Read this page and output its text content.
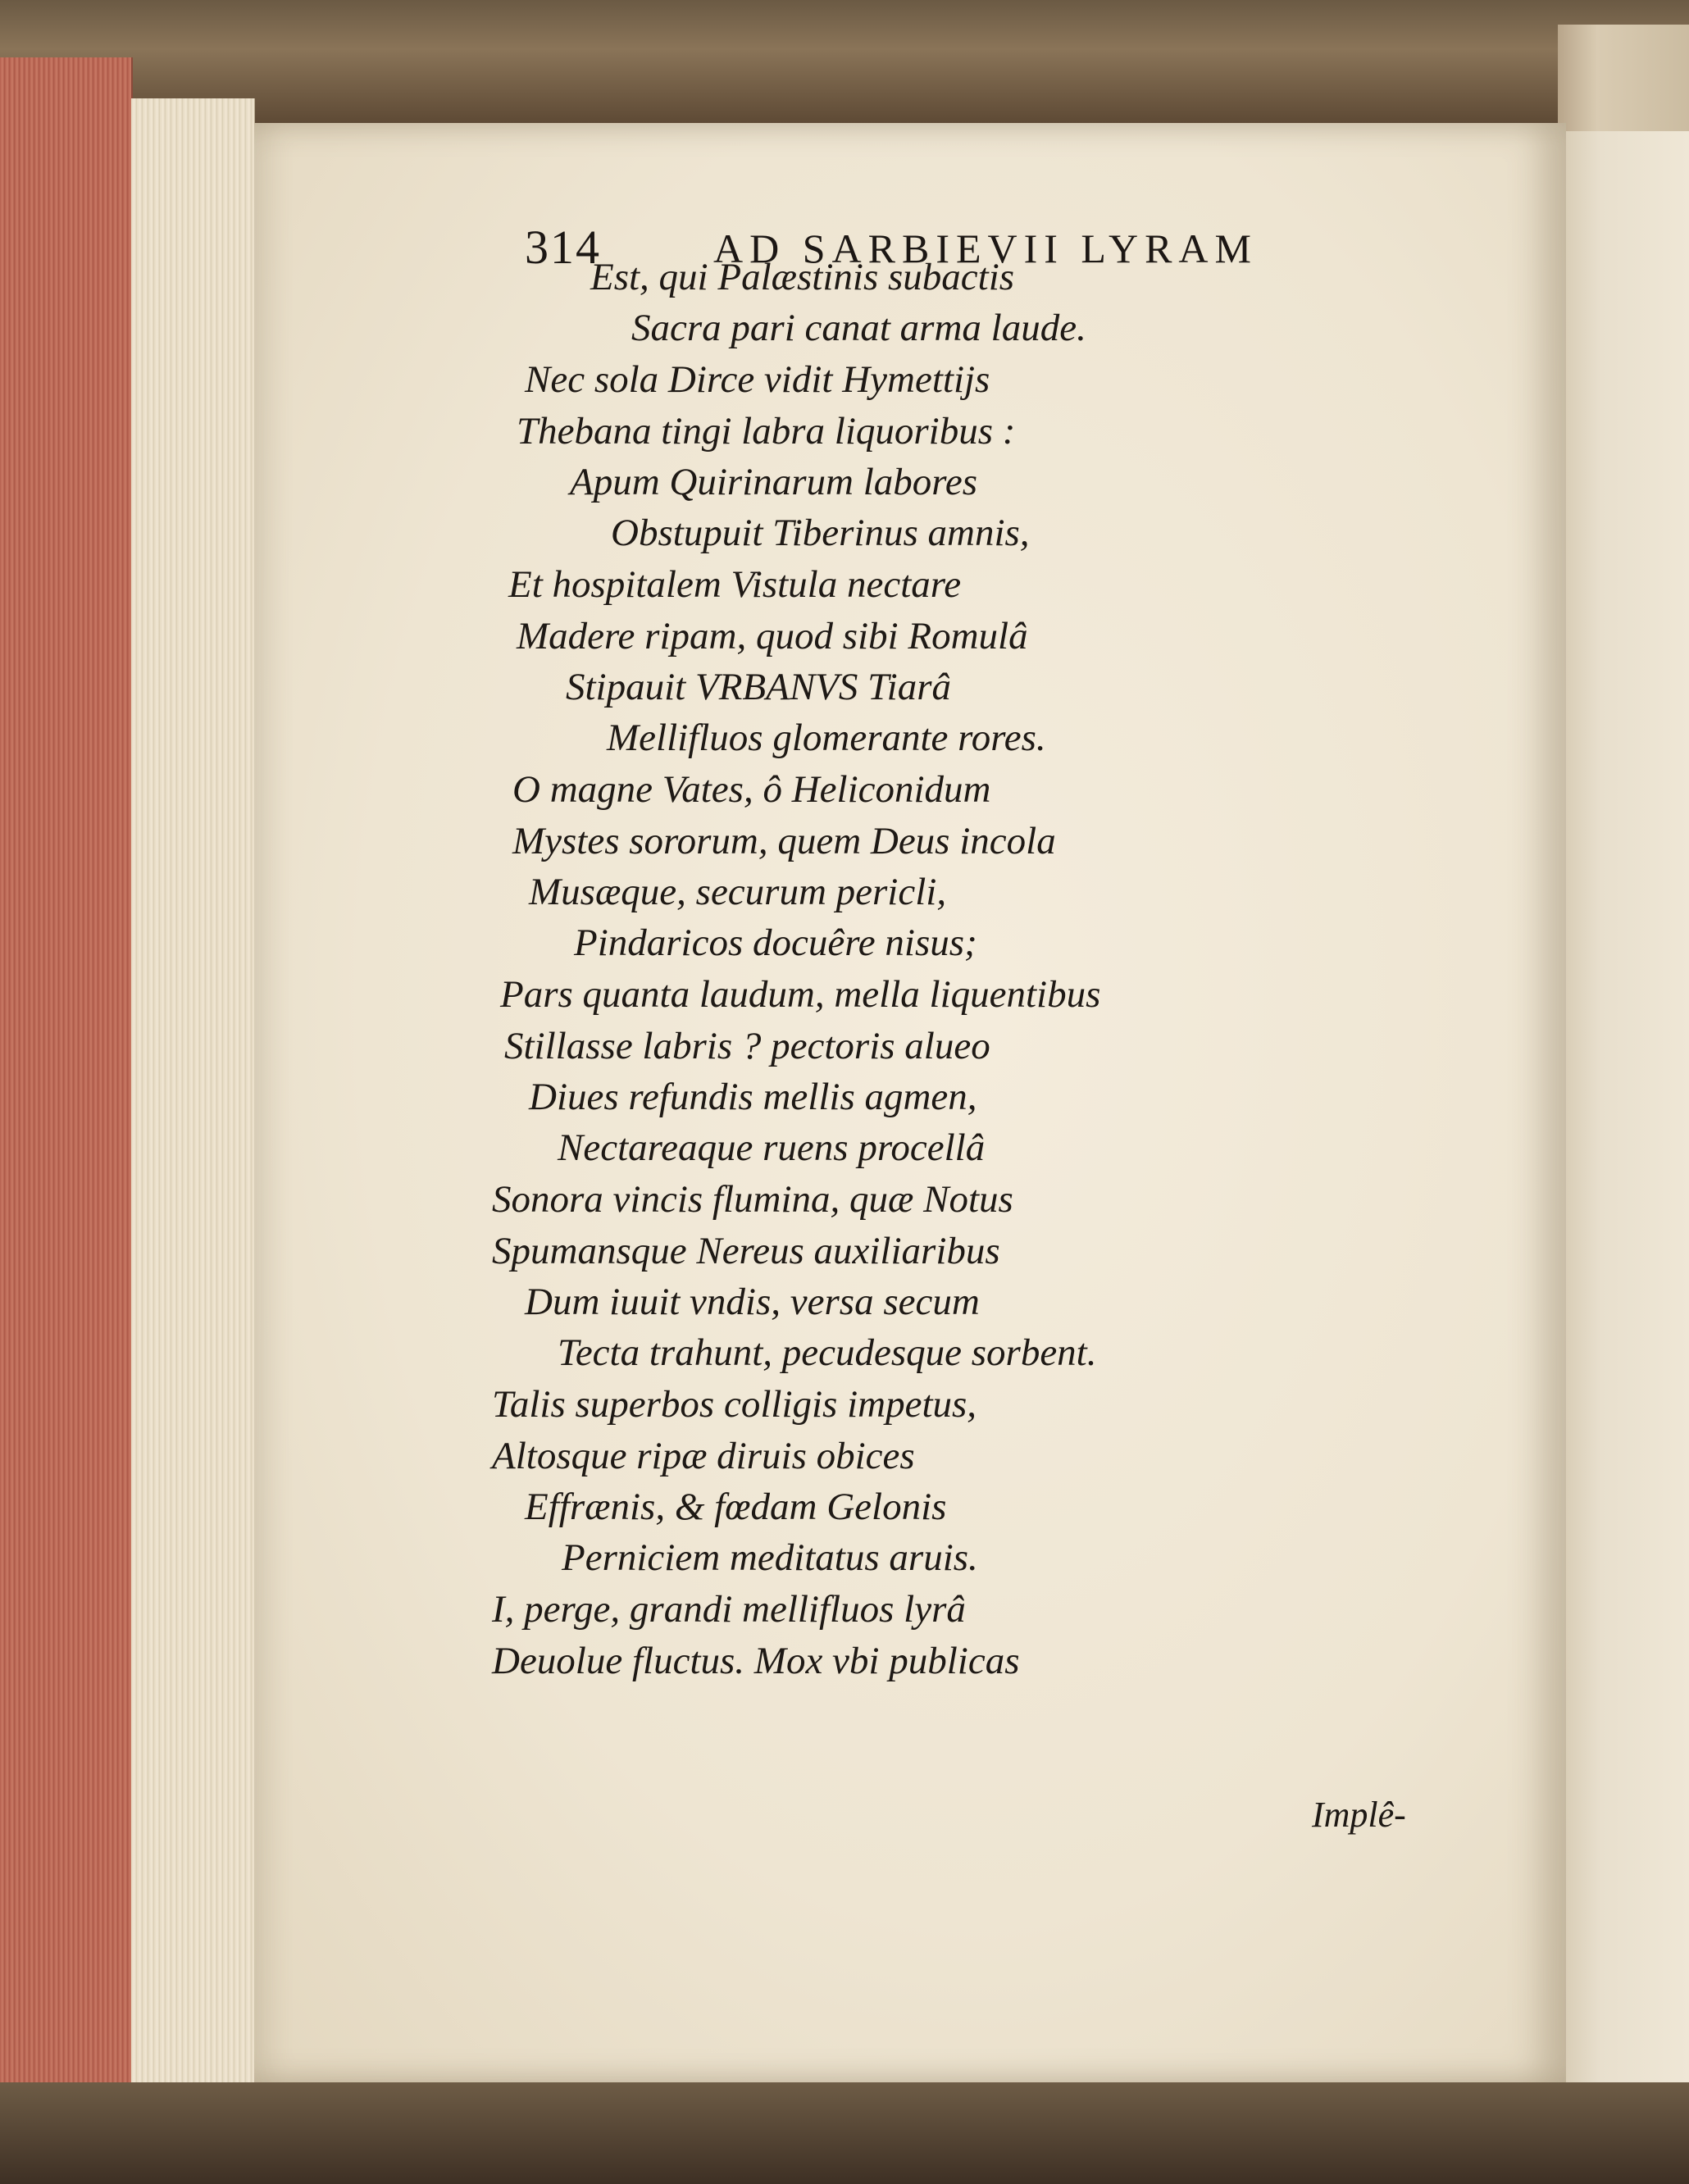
314	AD SARBIEVII LYRAM
Est, qui Palæstinis subactis
Sacra pari canat arma laude.
Nec sola Dirce vidit Hymettijs
Thebana tingi labra liquoribus :
Apum Quirinarum labores
Obstupuit Tiberinus amnis,
Et hospitalem Vistula nectare
Madere ripam, quod sibi Romulâ
Stipauit VRBANVS Tiarâ
Mellifluos glomerante rores.
O magne Vates, ô Heliconidum
Mystes sororum, quem Deus incola
Musæque, securum pericli,
Pindaricos docuêre nisus;
Pars quanta laudum, mella liquentibus
Stillasse labris ? pectoris alueo
Diues refundis mellis agmen,
Nectareaque ruens procellâ
Sonora vincis flumina, quæ Notus
Spumansque Nereus auxiliaribus
Dum iuuit vndis, versa secum
Tecta trahunt, pecudesque sorbent.
Talis superbos colligis impetus,
Altosque ripæ diruis obices
Effrænis, & fœdam Gelonis
Perniciem meditatus aruis.
I, perge, grandi mellifluos lyrâ
Deuolue fluctus. Mox vbi publicas
Implê-
